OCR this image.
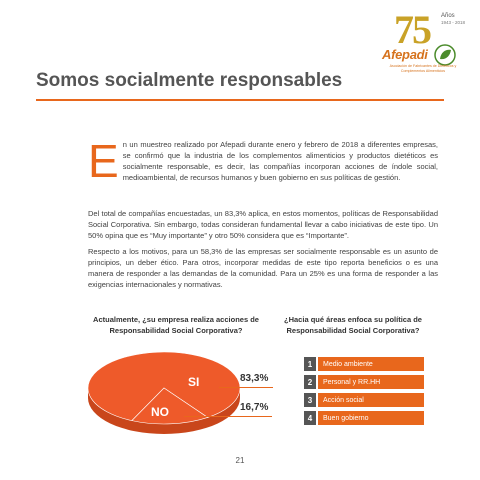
75 Años
1943 - 2018
Afepadi
Asociación de Fabricantes de Dietéticos y Complementos Alimenticios
Somos socialmente responsables
En un muestreo realizado por Afepadi durante enero y febrero de 2018 a diferentes empresas, se confirmó que la industria de los complementos alimenticios y productos dietéticos es socialmente responsable, es decir, las compañías incorporan acciones de índole social, medioambiental, de recursos humanos y buen gobierno en sus políticas de gestión.
Del total de compañías encuestadas, un 83,3% aplica, en estos momentos, políticas de Responsabilidad Social Corporativa. Sin embargo, todas consideran fundamental llevar a cabo iniciativas de este tipo. Un 50% opina que es “Muy importante” y otro 50% considera que es “Importante”.
Respecto a los motivos, para un 58,3% de las empresas ser socialmente responsable es un asunto de principios, un deber ético. Para otros, incorporar medidas de este tipo reporta beneficios o es una manera de responder a las demandas de la comunidad. Para un 25% es una forma de responder a las exigencias internacionales y normativas.
Actualmente, ¿su empresa realiza acciones de Responsabilidad Social Corporativa?
¿Hacia qué áreas enfoca su política de Responsabilidad Social Corporativa?
SI
NO
83,3%
16,7%
1	Medio ambiente
2	Personal y RR.HH
3	Acción social
4	Buen gobierno
21
